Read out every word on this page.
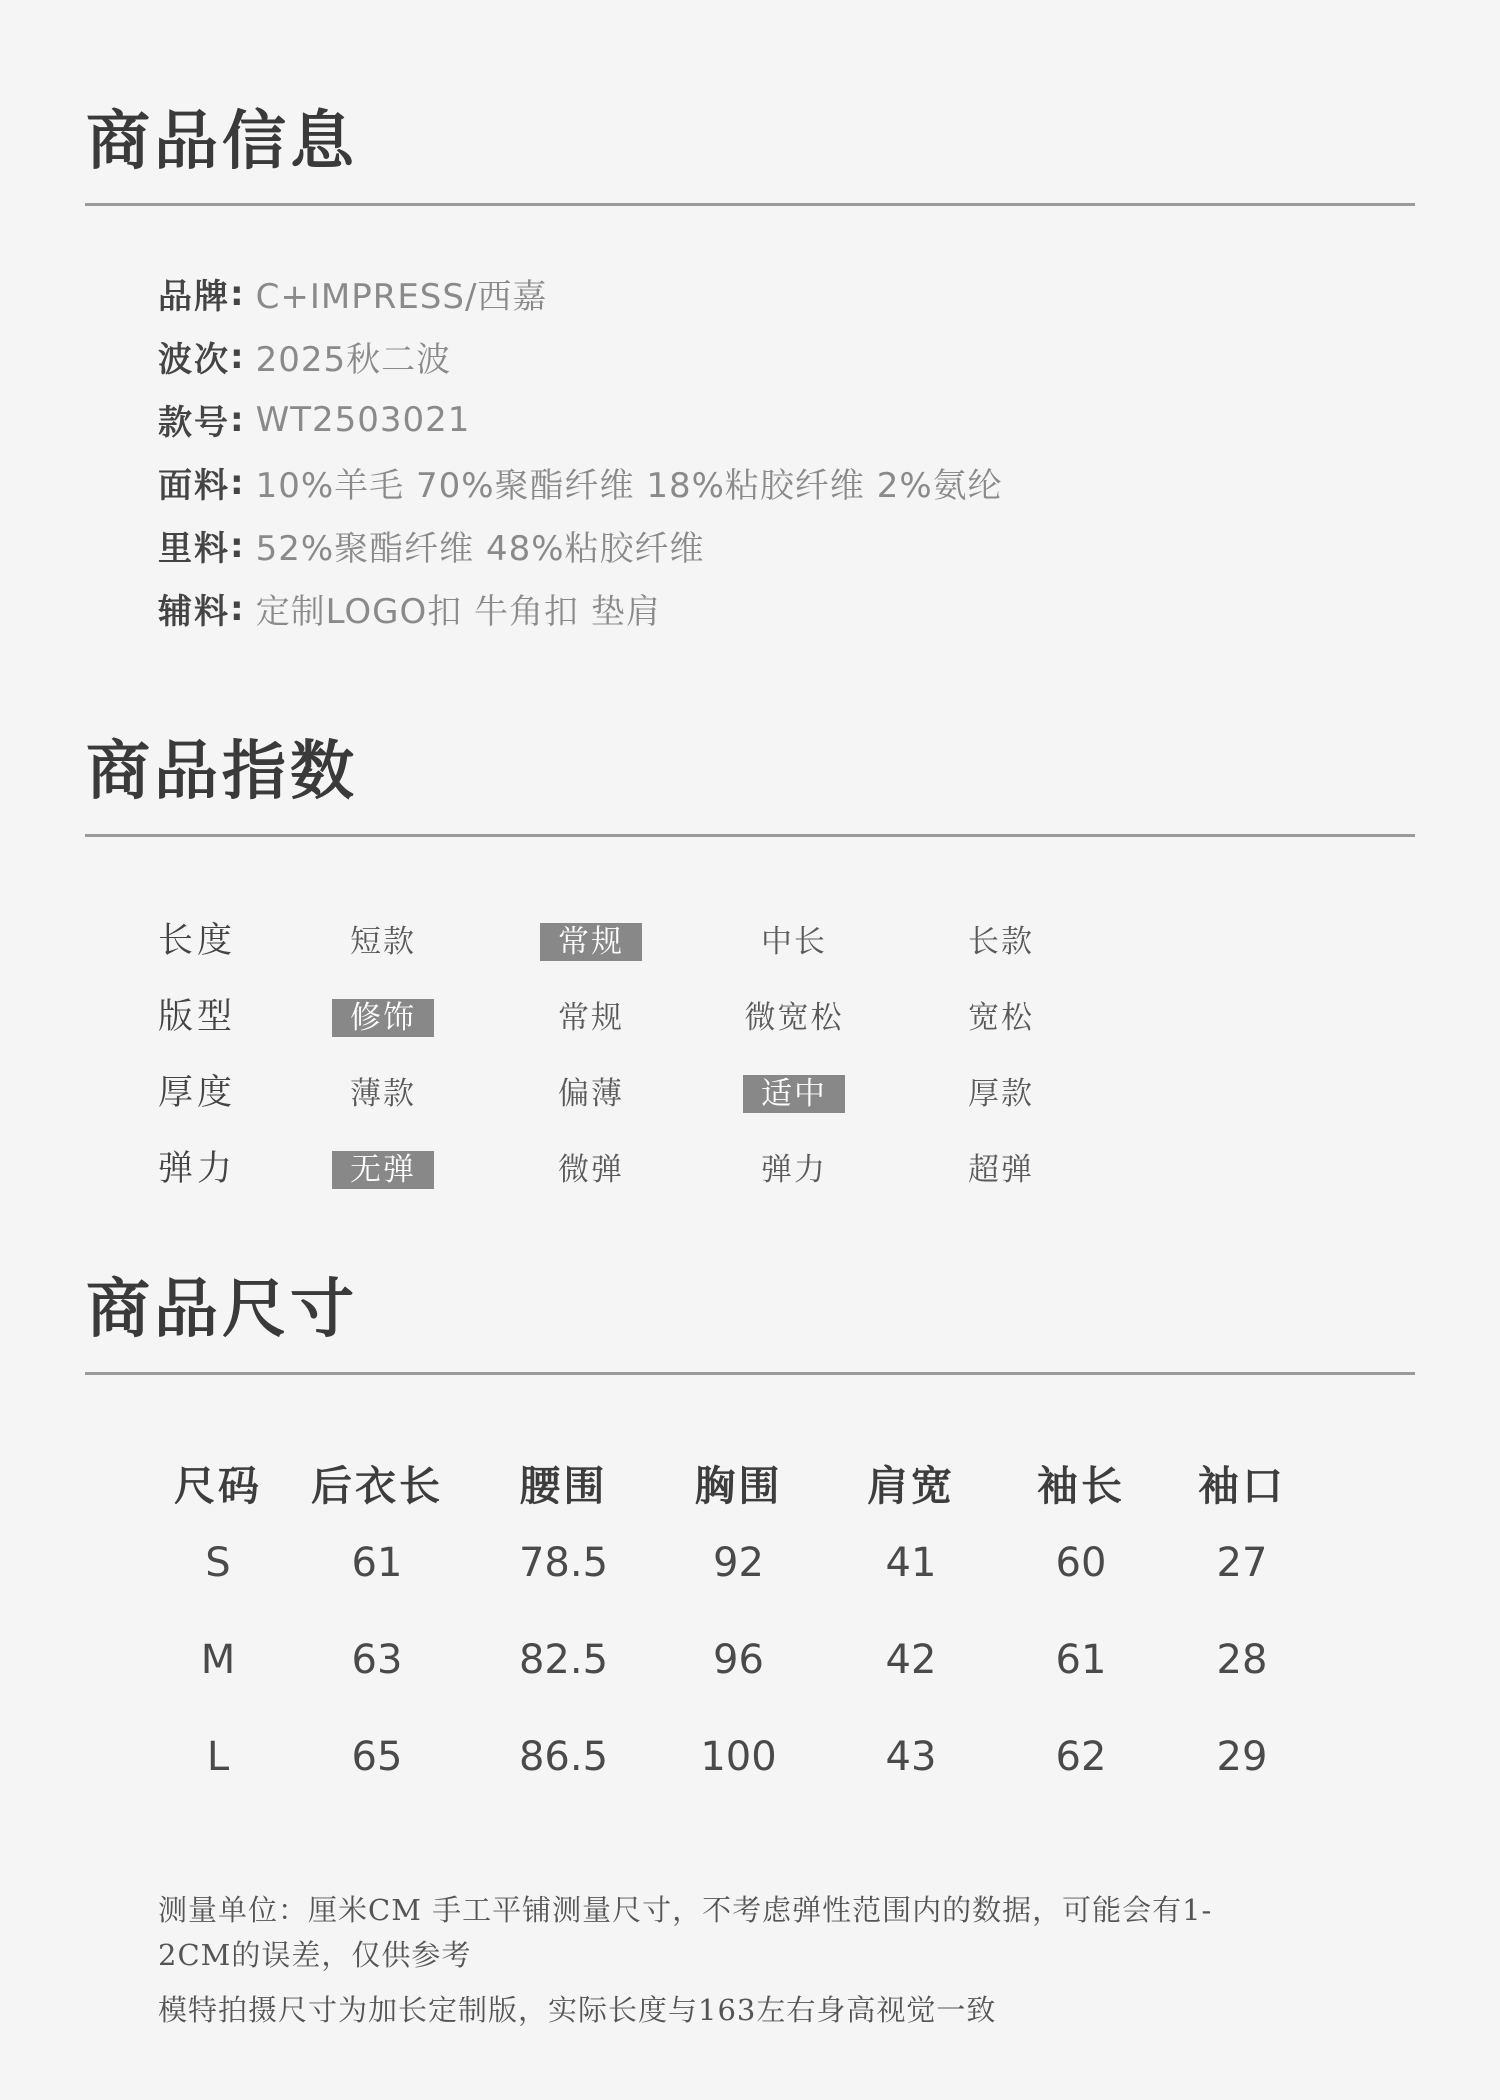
商品信息
品牌 : C+IMPRESS/西嘉
波次 : 2025秋二波
款号 : WT2503021
面料 : 10%羊毛 70%聚酯纤维 18%粘胶纤维 2%氨纶
里料 : 52%聚酯纤维 48%粘胶纤维
辅料 : 定制LOGO扣 牛角扣 垫肩
商品指数
长度	短款	常规	中长	长款
版型	修饰	常规	微宽松	宽松
厚度	薄款	偏薄	适中	厚款
弹力	无弹	微弹	弹力	超弹
商品尺寸
尺码	后衣长	腰围	胸围	肩宽	袖长	袖口
S	61	78.5	92	41	60	27
M	63	82.5	96	42	61	28
L	65	86.5	100	43	62	29

测量单位：厘米CM 手工平铺测量尺寸，不考虑弹性范围内的数据，可能会有1-2CM的误差，仅供参考

模特拍摄尺寸为加长定制版，实际长度与163左右身高视觉一致
